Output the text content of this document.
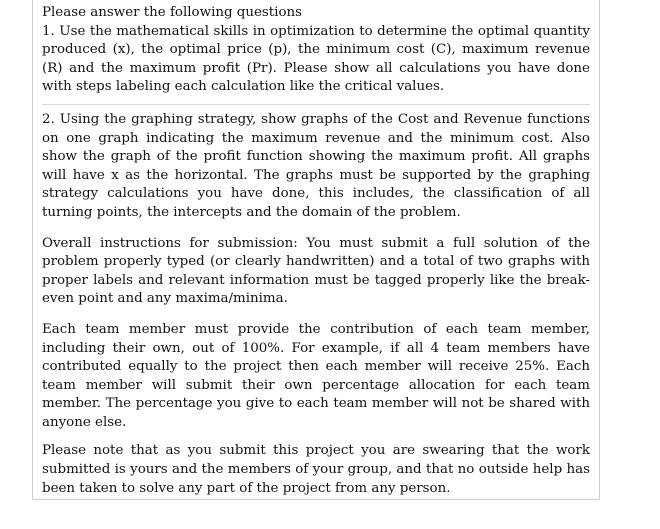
Please answer the following questions

1. Use the mathematical skills in optimization to determine the optimal quantity produced (x), the optimal price (p), the minimum cost (C), maximum revenue (R) and the maximum profit (Pr). Please show all calculations you have done with steps labeling each calculation like the critical values.

2. Using the graphing strategy, show graphs of the Cost and Revenue functions on one graph indicating the maximum revenue and the minimum cost. Also show the graph of the profit function showing the maximum profit. All graphs will have x as the horizontal. The graphs must be supported by the graphing strategy calculations you have done, this includes, the classification of all turning points, the intercepts and the domain of the problem.

Overall instructions for submission: You must submit a full solution of the problem properly typed (or clearly handwritten) and a total of two graphs with proper labels and relevant information must be tagged properly like the break-even point and any maxima/minima.

Each team member must provide the contribution of each team member, including their own, out of 100%. For example, if all 4 team members have contributed equally to the project then each member will receive 25%. Each team member will submit their own percentage allocation for each team member. The percentage you give to each team member will not be shared with anyone else.

Please note that as you submit this project you are swearing that the work submitted is yours and the members of your group, and that no outside help has been taken to solve any part of the project from any person.
